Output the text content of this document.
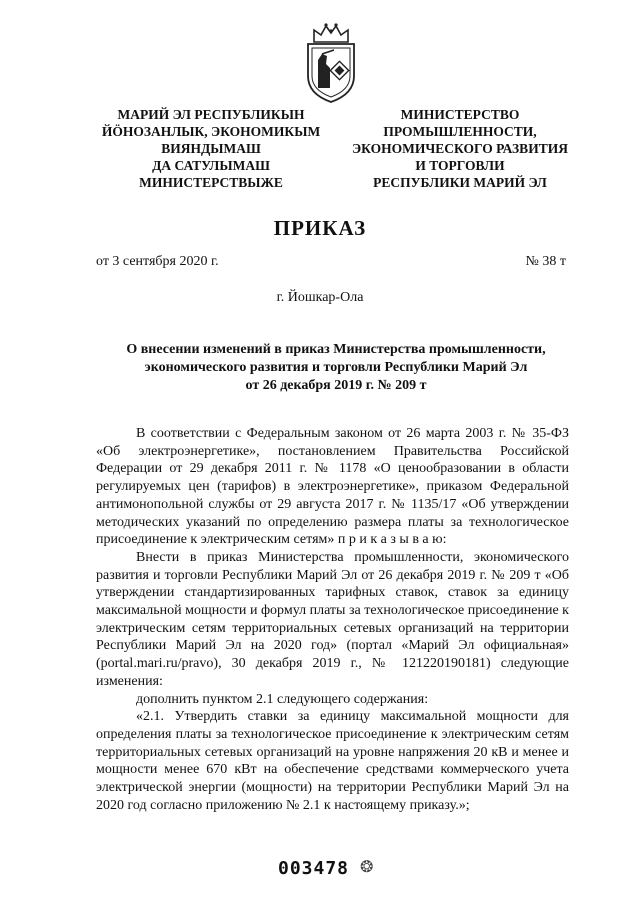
МАРИЙ ЭЛ РЕСПУБЛИКЫН
ЙӦНОЗАНЛЫК, ЭКОНОМИКЫМ
ВИЯНДЫМАШ
ДА САТУЛЫМАШ
МИНИСТЕРСТВЫЖЕ
МИНИСТЕРСТВО
ПРОМЫШЛЕННОСТИ,
ЭКОНОМИЧЕСКОГО РАЗВИТИЯ
И ТОРГОВЛИ
РЕСПУБЛИКИ МАРИЙ ЭЛ
ПРИКАЗ
от 3 сентября 2020 г.	№ 38 т
г. Йошкар-Ола
О внесении изменений в приказ Министерства промышленности,
экономического развития и торговли Республики Марий Эл
от 26 декабря 2019 г. № 209 т

В соответствии с Федеральным законом от 26 марта 2003 г. № 35-ФЗ «Об электроэнергетике», постановлением Правительства Российской Федерации от 29 декабря 2011 г. № 1178 «О ценообразовании в области регулируемых цен (тарифов) в электроэнергетике», приказом Федеральной антимонопольной службы от 29 августа 2017 г. № 1135/17 «Об утверждении методических указаний по определению размера платы за технологическое присоединение к электрическим сетям» п р и к а з ы в а ю:

Внести в приказ Министерства промышленности, экономического развития и торговли Республики Марий Эл от 26 декабря 2019 г. № 209 т «Об утверждении стандартизированных тарифных ставок, ставок за единицу максимальной мощности и формул платы за технологическое присоединение к электрическим сетям территориальных сетевых организаций на территории Республики Марий Эл на 2020 год» (портал «Марий Эл официальная» (portal.mari.ru/pravo), 30 декабря 2019 г., № 121220190181) следующие изменения:

дополнить пунктом 2.1 следующего содержания:

«2.1. Утвердить ставки за единицу максимальной мощности для определения платы за технологическое присоединение к электрическим сетям территориальных сетевых организаций на уровне напряжения 20 кВ и менее и мощности менее 670 кВт на обеспечение средствами коммерческого учета электрической энергии (мощности) на территории Республики Марий Эл на 2020 год согласно приложению № 2.1 к настоящему приказу.»;

003478 ❂
